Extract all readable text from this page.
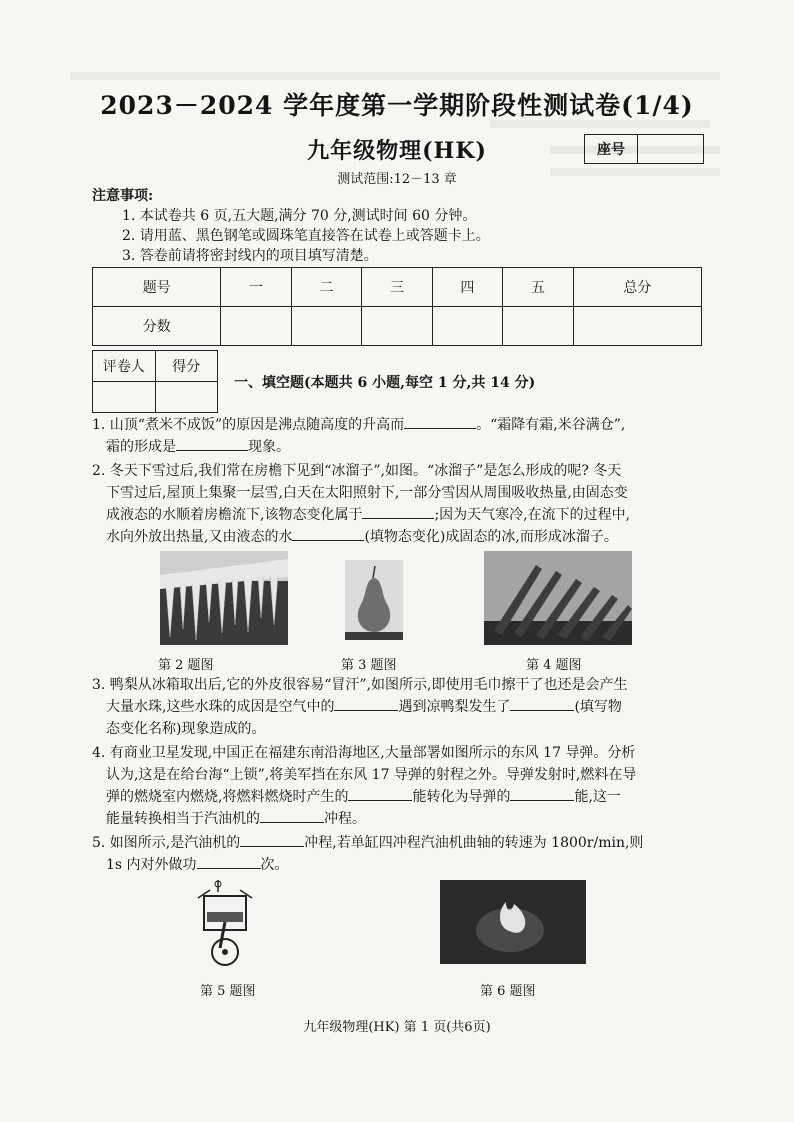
2023－2024 学年度第一学期阶段性测试卷(1/4)
九年级物理(HK)	座号
测试范围:12－13 章
注意事项:
1. 本试卷共 6 页,五大题,满分 70 分,测试时间 60 分钟。
2. 请用蓝、黑色钢笔或圆珠笔直接答在试卷上或答题卡上。
3. 答卷前请将密封线内的项目填写清楚。
题号	一	二	三	四	五	总分
分数						
评卷人	得分

一、填空题(本题共 6 小题,每空 1 分,共 14 分)
1. 山顶“煮米不成饭”的原因是沸点随高度的升高而	。“霜降有霜,米谷满仓”,
霜的形成是	现象。
2. 冬天下雪过后,我们常在房檐下见到“冰溜子”,如图。“冰溜子”是怎么形成的呢? 冬天
下雪过后,屋顶上集聚一层雪,白天在太阳照射下,一部分雪因从周围吸收热量,由固态变
成液态的水顺着房檐流下,该物态变化属于	;因为天气寒冷,在流下的过程中,
水向外放出热量,又由液态的水	(填物态变化)成固态的冰,而形成冰溜子。
第 2 题图	第 3 题图	第 4 题图
3. 鸭梨从冰箱取出后,它的外皮很容易“冒汗”,如图所示,即使用毛巾擦干了也还是会产生
大量水珠,这些水珠的成因是空气中的	遇到凉鸭梨发生了	(填写物
态变化名称)现象造成的。
4. 有商业卫星发现,中国正在福建东南沿海地区,大量部署如图所示的东风 17 导弹。分析
认为,这是在给台海“上锁”,将美军挡在东风 17 导弹的射程之外。导弹发射时,燃料在导
弹的燃烧室内燃烧,将燃料燃烧时产生的	能转化为导弹的	能,这一
能量转换相当于汽油机的	冲程。
5. 如图所示,是汽油机的	冲程,若单缸四冲程汽油机曲轴的转速为 1800r/min,则
1s 内对外做功	次。
第 5 题图	第 6 题图
九年级物理(HK) 第 1 页(共6页)
